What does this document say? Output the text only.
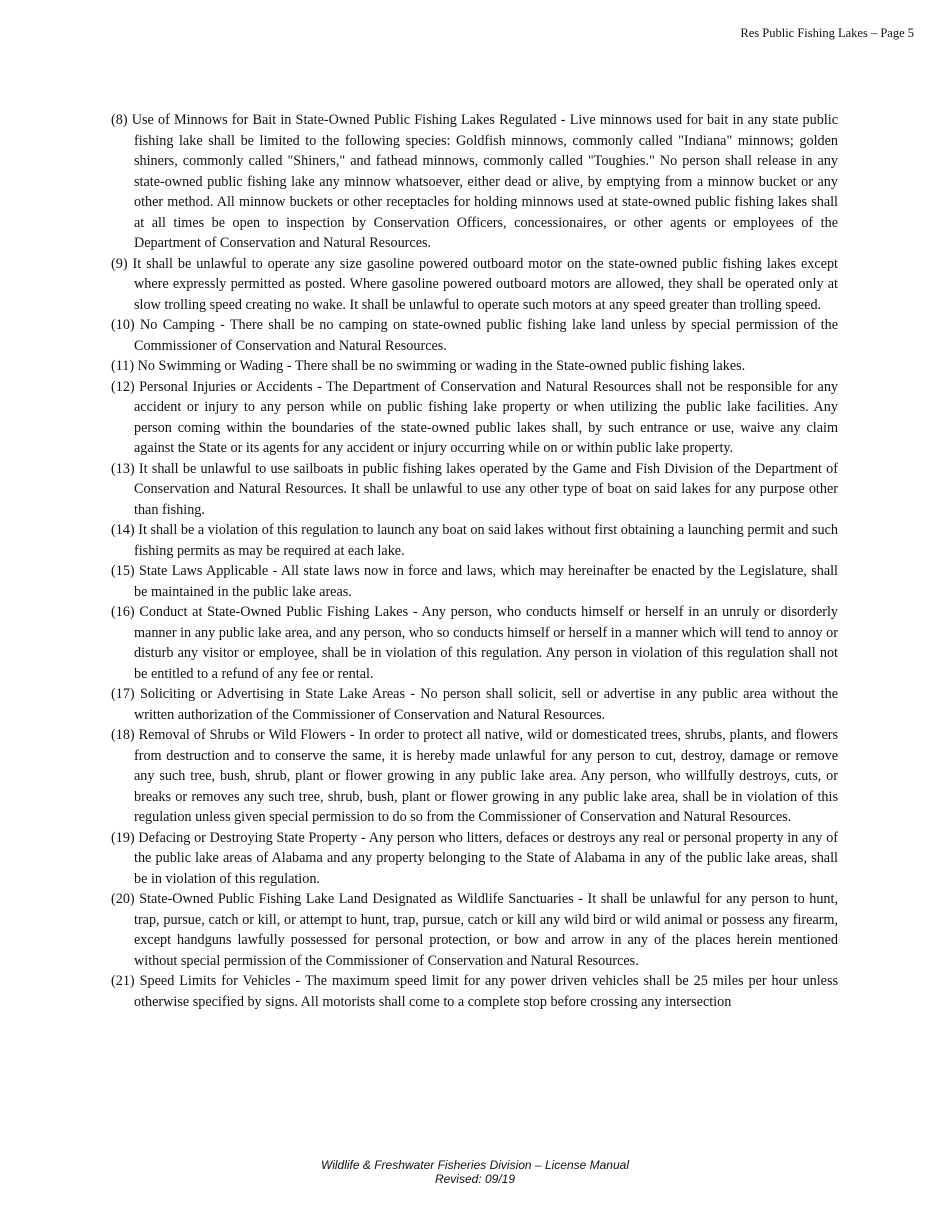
Res Public Fishing Lakes – Page 5
(8) Use of Minnows for Bait in State-Owned Public Fishing Lakes Regulated - Live minnows used for bait in any state public fishing lake shall be limited to the following species: Goldfish minnows, commonly called "Indiana" minnows; golden shiners, commonly called "Shiners," and fathead minnows, commonly called "Toughies." No person shall release in any state-owned public fishing lake any minnow whatsoever, either dead or alive, by emptying from a minnow bucket or any other method. All minnow buckets or other receptacles for holding minnows used at state-owned public fishing lakes shall at all times be open to inspection by Conservation Officers, concessionaires, or other agents or employees of the Department of Conservation and Natural Resources.
(9) It shall be unlawful to operate any size gasoline powered outboard motor on the state-owned public fishing lakes except where expressly permitted as posted. Where gasoline powered outboard motors are allowed, they shall be operated only at slow trolling speed creating no wake. It shall be unlawful to operate such motors at any speed greater than trolling speed.
(10) No Camping - There shall be no camping on state-owned public fishing lake land unless by special permission of the Commissioner of Conservation and Natural Resources.
(11) No Swimming or Wading - There shall be no swimming or wading in the State-owned public fishing lakes.
(12) Personal Injuries or Accidents - The Department of Conservation and Natural Resources shall not be responsible for any accident or injury to any person while on public fishing lake property or when utilizing the public lake facilities. Any person coming within the boundaries of the state-owned public lakes shall, by such entrance or use, waive any claim against the State or its agents for any accident or injury occurring while on or within public lake property.
(13) It shall be unlawful to use sailboats in public fishing lakes operated by the Game and Fish Division of the Department of Conservation and Natural Resources. It shall be unlawful to use any other type of boat on said lakes for any purpose other than fishing.
(14) It shall be a violation of this regulation to launch any boat on said lakes without first obtaining a launching permit and such fishing permits as may be required at each lake.
(15) State Laws Applicable - All state laws now in force and laws, which may hereinafter be enacted by the Legislature, shall be maintained in the public lake areas.
(16) Conduct at State-Owned Public Fishing Lakes - Any person, who conducts himself or herself in an unruly or disorderly manner in any public lake area, and any person, who so conducts himself or herself in a manner which will tend to annoy or disturb any visitor or employee, shall be in violation of this regulation. Any person in violation of this regulation shall not be entitled to a refund of any fee or rental.
(17) Soliciting or Advertising in State Lake Areas - No person shall solicit, sell or advertise in any public area without the written authorization of the Commissioner of Conservation and Natural Resources.
(18) Removal of Shrubs or Wild Flowers - In order to protect all native, wild or domesticated trees, shrubs, plants, and flowers from destruction and to conserve the same, it is hereby made unlawful for any person to cut, destroy, damage or remove any such tree, bush, shrub, plant or flower growing in any public lake area. Any person, who willfully destroys, cuts, or breaks or removes any such tree, shrub, bush, plant or flower growing in any public lake area, shall be in violation of this regulation unless given special permission to do so from the Commissioner of Conservation and Natural Resources.
(19) Defacing or Destroying State Property - Any person who litters, defaces or destroys any real or personal property in any of the public lake areas of Alabama and any property belonging to the State of Alabama in any of the public lake areas, shall be in violation of this regulation.
(20) State-Owned Public Fishing Lake Land Designated as Wildlife Sanctuaries - It shall be unlawful for any person to hunt, trap, pursue, catch or kill, or attempt to hunt, trap, pursue, catch or kill any wild bird or wild animal or possess any firearm, except handguns lawfully possessed for personal protection, or bow and arrow in any of the places herein mentioned without special permission of the Commissioner of Conservation and Natural Resources.
(21) Speed Limits for Vehicles - The maximum speed limit for any power driven vehicles shall be 25 miles per hour unless otherwise specified by signs. All motorists shall come to a complete stop before crossing any intersection
Wildlife & Freshwater Fisheries Division – License Manual
Revised: 09/19
